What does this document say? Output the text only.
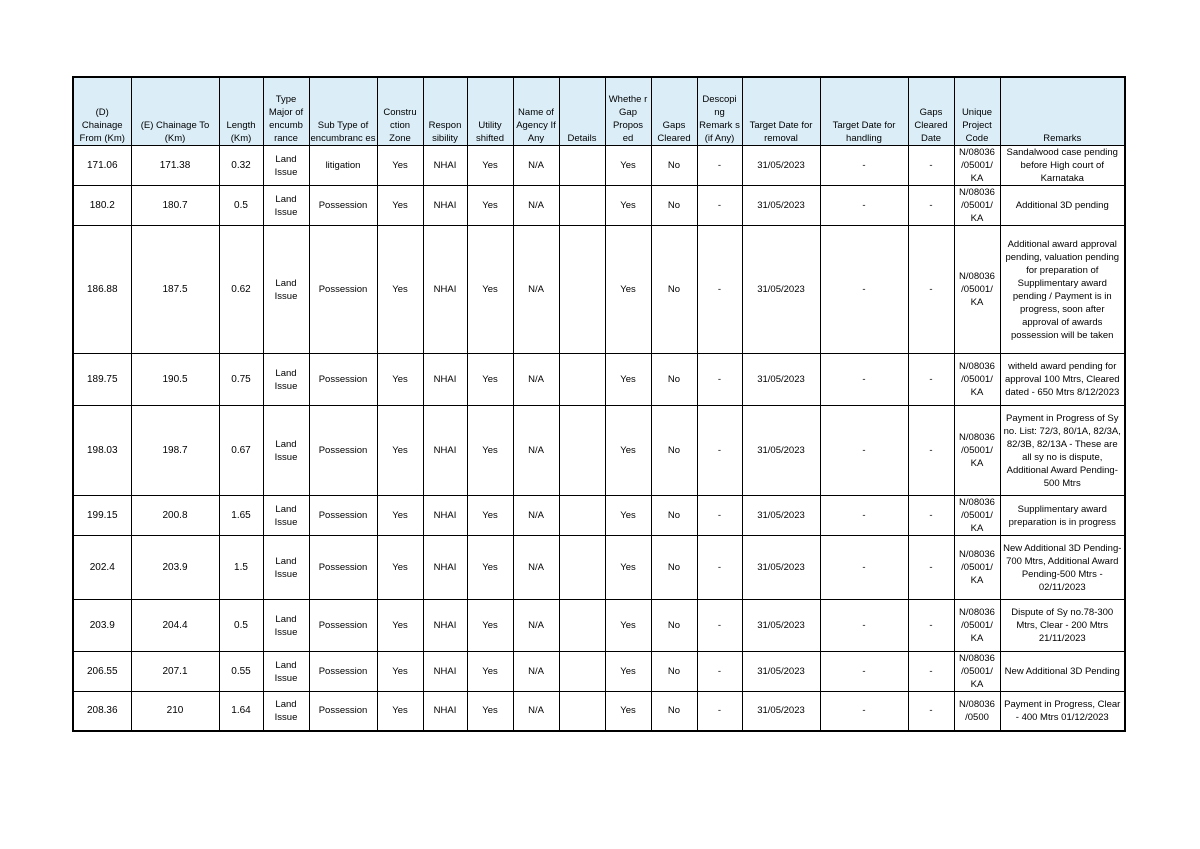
(D) Chainage From (Km)	(E) Chainage To (Km)	Length (Km)	Type Major of encumb rance	Sub Type of encumbranc es	Constru ction Zone	Respon sibility	Utility shifted	Name of Agency If Any	Details	Whethe r Gap Propos ed	Gaps Cleared	Descopi ng Remark s (if Any)	Target Date for removal	Target Date for handling	Gaps Cleared Date	Unique Project Code	Remarks
171.06	171.38	0.32	Land Issue	litigation	Yes	NHAI	Yes	N/A		Yes	No	-	31/05/2023	-	-	N/08036 /05001/ KA	Sandalwood case pending before High court of Karnataka
180.2	180.7	0.5	Land Issue	Possession	Yes	NHAI	Yes	N/A		Yes	No	-	31/05/2023	-	-	N/08036 /05001/ KA	Additional 3D pending
186.88	187.5	0.62	Land Issue	Possession	Yes	NHAI	Yes	N/A		Yes	No	-	31/05/2023	-	-	N/08036 /05001/ KA	Additional award approval pending, valuation pending for preparation of Supplimentary award pending / Payment is in progress, soon after approval of awards possession will be taken
189.75	190.5	0.75	Land Issue	Possession	Yes	NHAI	Yes	N/A		Yes	No	-	31/05/2023	-	-	N/08036 /05001/ KA	witheld award pending for approval 100 Mtrs, Cleared dated - 650 Mtrs 8/12/2023
198.03	198.7	0.67	Land Issue	Possession	Yes	NHAI	Yes	N/A		Yes	No	-	31/05/2023	-	-	N/08036 /05001/ KA	Payment in Progress of Sy no. List: 72/3, 80/1A, 82/3A, 82/3B, 82/13A - These are all sy no is dispute, Additional Award Pending-500 Mtrs
199.15	200.8	1.65	Land Issue	Possession	Yes	NHAI	Yes	N/A		Yes	No	-	31/05/2023	-	-	N/08036 /05001/ KA	Supplimentary award preparation is in progress
202.4	203.9	1.5	Land Issue	Possession	Yes	NHAI	Yes	N/A		Yes	No	-	31/05/2023	-	-	N/08036 /05001/ KA	New Additional 3D Pending-700 Mtrs, Additional Award Pending-500 Mtrs - 02/11/2023
203.9	204.4	0.5	Land Issue	Possession	Yes	NHAI	Yes	N/A		Yes	No	-	31/05/2023	-	-	N/08036 /05001/ KA	Dispute of Sy no.78-300 Mtrs, Clear - 200 Mtrs 21/11/2023
206.55	207.1	0.55	Land Issue	Possession	Yes	NHAI	Yes	N/A		Yes	No	-	31/05/2023	-	-	N/08036 /05001/ KA	New Additional 3D Pending
208.36	210	1.64	Land Issue	Possession	Yes	NHAI	Yes	N/A		Yes	No	-	31/05/2023	-	-	N/08036 /0500	Payment in Progress, Clear - 400 Mtrs 01/12/2023
